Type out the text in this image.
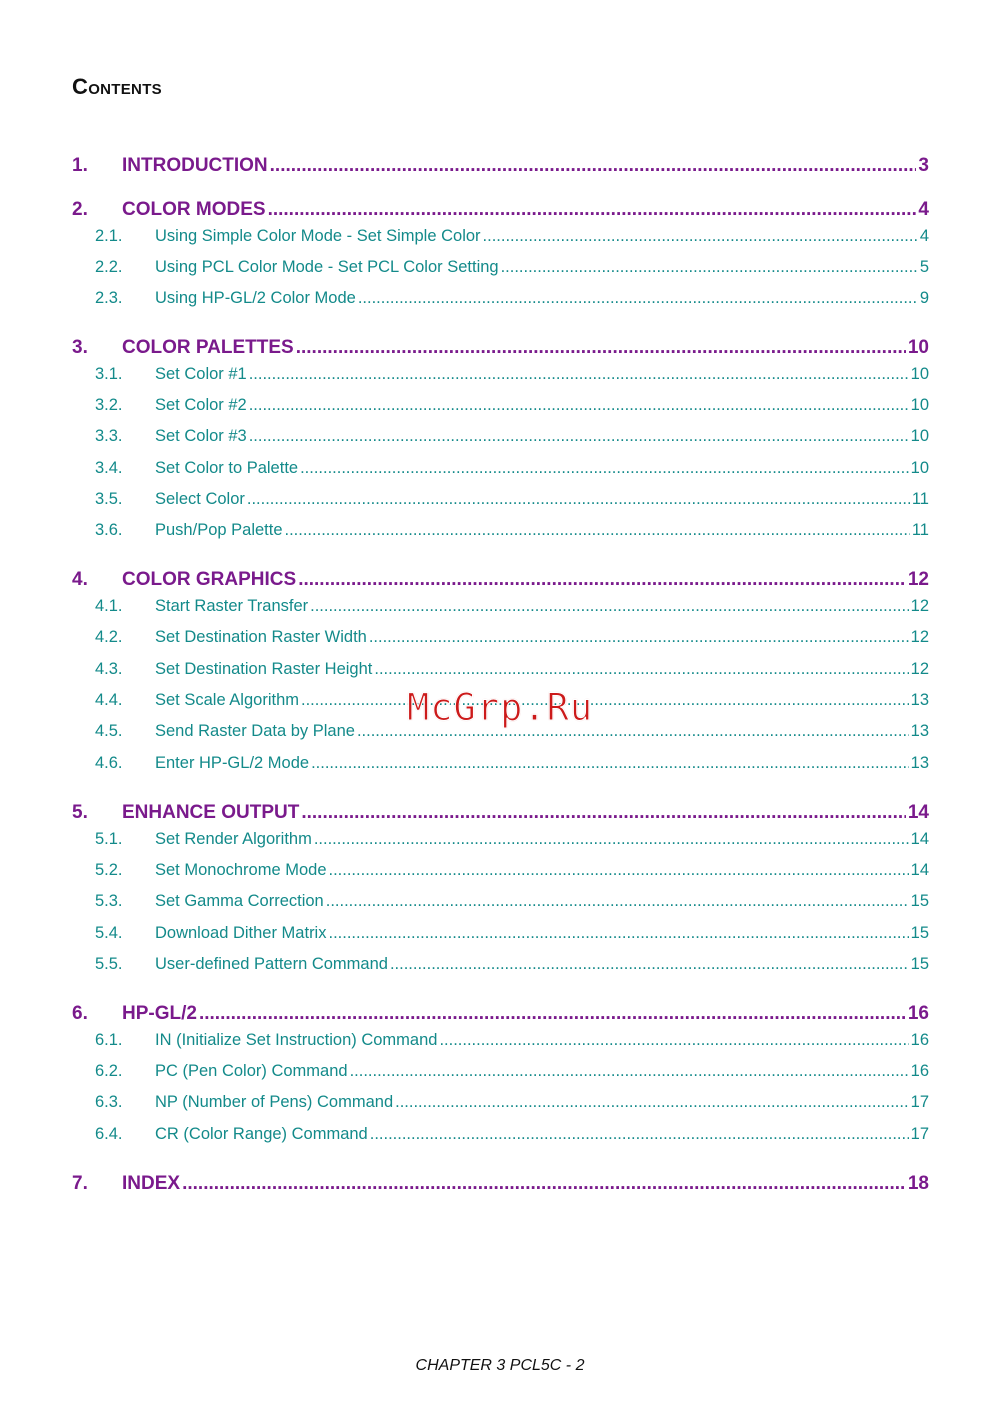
Contents
1.	INTRODUCTION .....	3
2.	COLOR MODES .....	4
2.1.	Using Simple Color Mode - Set Simple Color .....	4
2.2.	Using PCL Color Mode - Set PCL Color Setting .....	5
2.3.	Using HP-GL/2 Color Mode .....	9
3.	COLOR PALETTES .....	10
3.1.	Set Color #1 .....	10
3.2.	Set Color #2 .....	10
3.3.	Set Color #3 .....	10
3.4.	Set Color to Palette .....	10
3.5.	Select Color .....	11
3.6.	Push/Pop Palette .....	11
4.	COLOR GRAPHICS .....	12
4.1.	Start Raster Transfer .....	12
4.2.	Set Destination Raster Width .....	12
4.3.	Set Destination Raster Height .....	12
4.4.	Set Scale Algorithm .....	13
4.5.	Send Raster Data by Plane .....	13
4.6.	Enter HP-GL/2 Mode .....	13
5.	ENHANCE OUTPUT .....	14
5.1.	Set Render Algorithm .....	14
5.2.	Set Monochrome Mode .....	14
5.3.	Set Gamma Correction .....	15
5.4.	Download Dither Matrix .....	15
5.5.	User-defined Pattern Command .....	15
6.	HP-GL/2 .....	16
6.1.	IN (Initialize Set Instruction) Command .....	16
6.2.	PC (Pen Color) Command .....	16
6.3.	NP (Number of Pens) Command .....	17
6.4.	CR (Color Range) Command .....	17
7.	INDEX .....	18
McGrp.Ru
CHAPTER 3 PCL5C - 2
